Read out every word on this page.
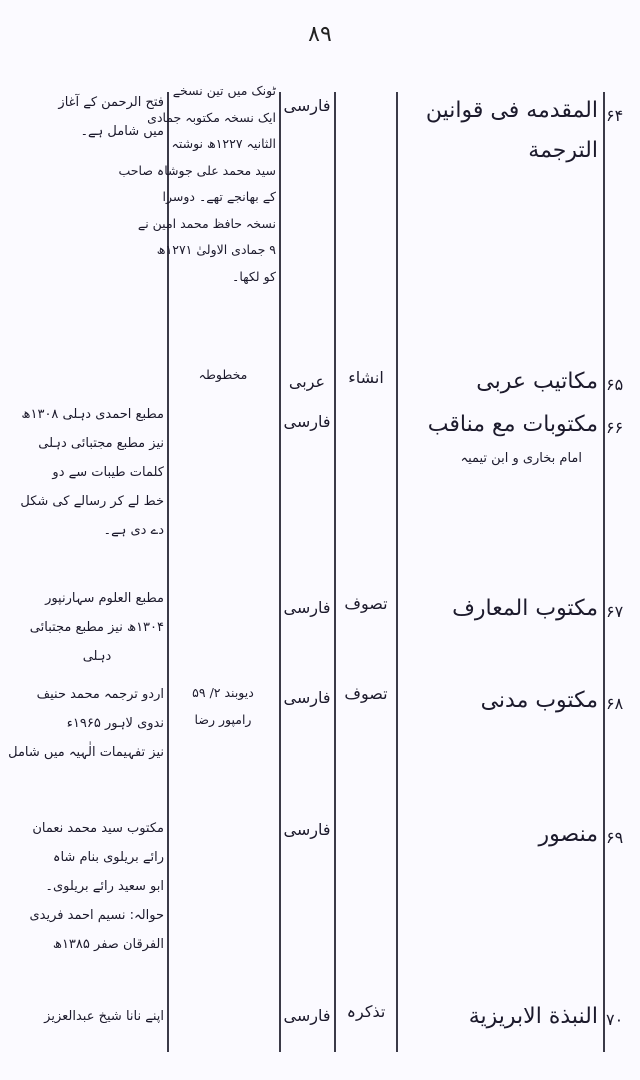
۸۹
۶۴
المقدمه فی قوانین
الترجمة
فارسی

ٹونک میں تین نسخے

ایک نسخہ مکتوبہ جمادی

الثانیہ ۱۲۲۷ھ نوشتہ

سید محمد علی جوشاہ صاحب

کے بھانجے تھے۔ دوسرا

نسخہ حافظ محمد امین نے

۹ جمادی الاولیٰ ۱۲۷۱ھ

کو لکھا۔

فتح الرحمن کے آغاز

میں شامل ہے۔

۶۵
مکاتیب عربی
انشاء
عربی

مخطوطہ

۶۶
مکتوبات مع مناقب
امام بخاری و ابن تیمیہ
فارسی

مطبع احمدی دہلی ۱۳۰۸ھ

نیز مطبع مجتبائی دہلی

کلمات طیبات سے دو

خط لے کر رسالے کی شکل

دے دی ہے۔

۶۷
مکتوب المعارف
تصوف
فارسی

مطبع العلوم سہارنپور

۱۳۰۴ھ نیز مطبع مجتبائی

دہلی

۶۸
مکتوب مدنی
تصوف
فارسی

دیوبند ۲/ ۵۹

رامپور رضا

اردو ترجمہ محمد حنیف

ندوی لاہور ۱۹۶۵ء

نیز تفہیمات الٰہیہ میں شامل

۶۹
منصور
فارسی

مکتوب سید محمد نعمان

رائے بریلوی بنام شاہ

ابو سعید رائے بریلوی۔

حوالہ: نسیم احمد فریدی

الفرقان صفر ۱۳۸۵ھ

۷۰
النبذة الابریزیة
تذکرہ
فارسی

اپنے نانا شیخ عبدالعزیز
